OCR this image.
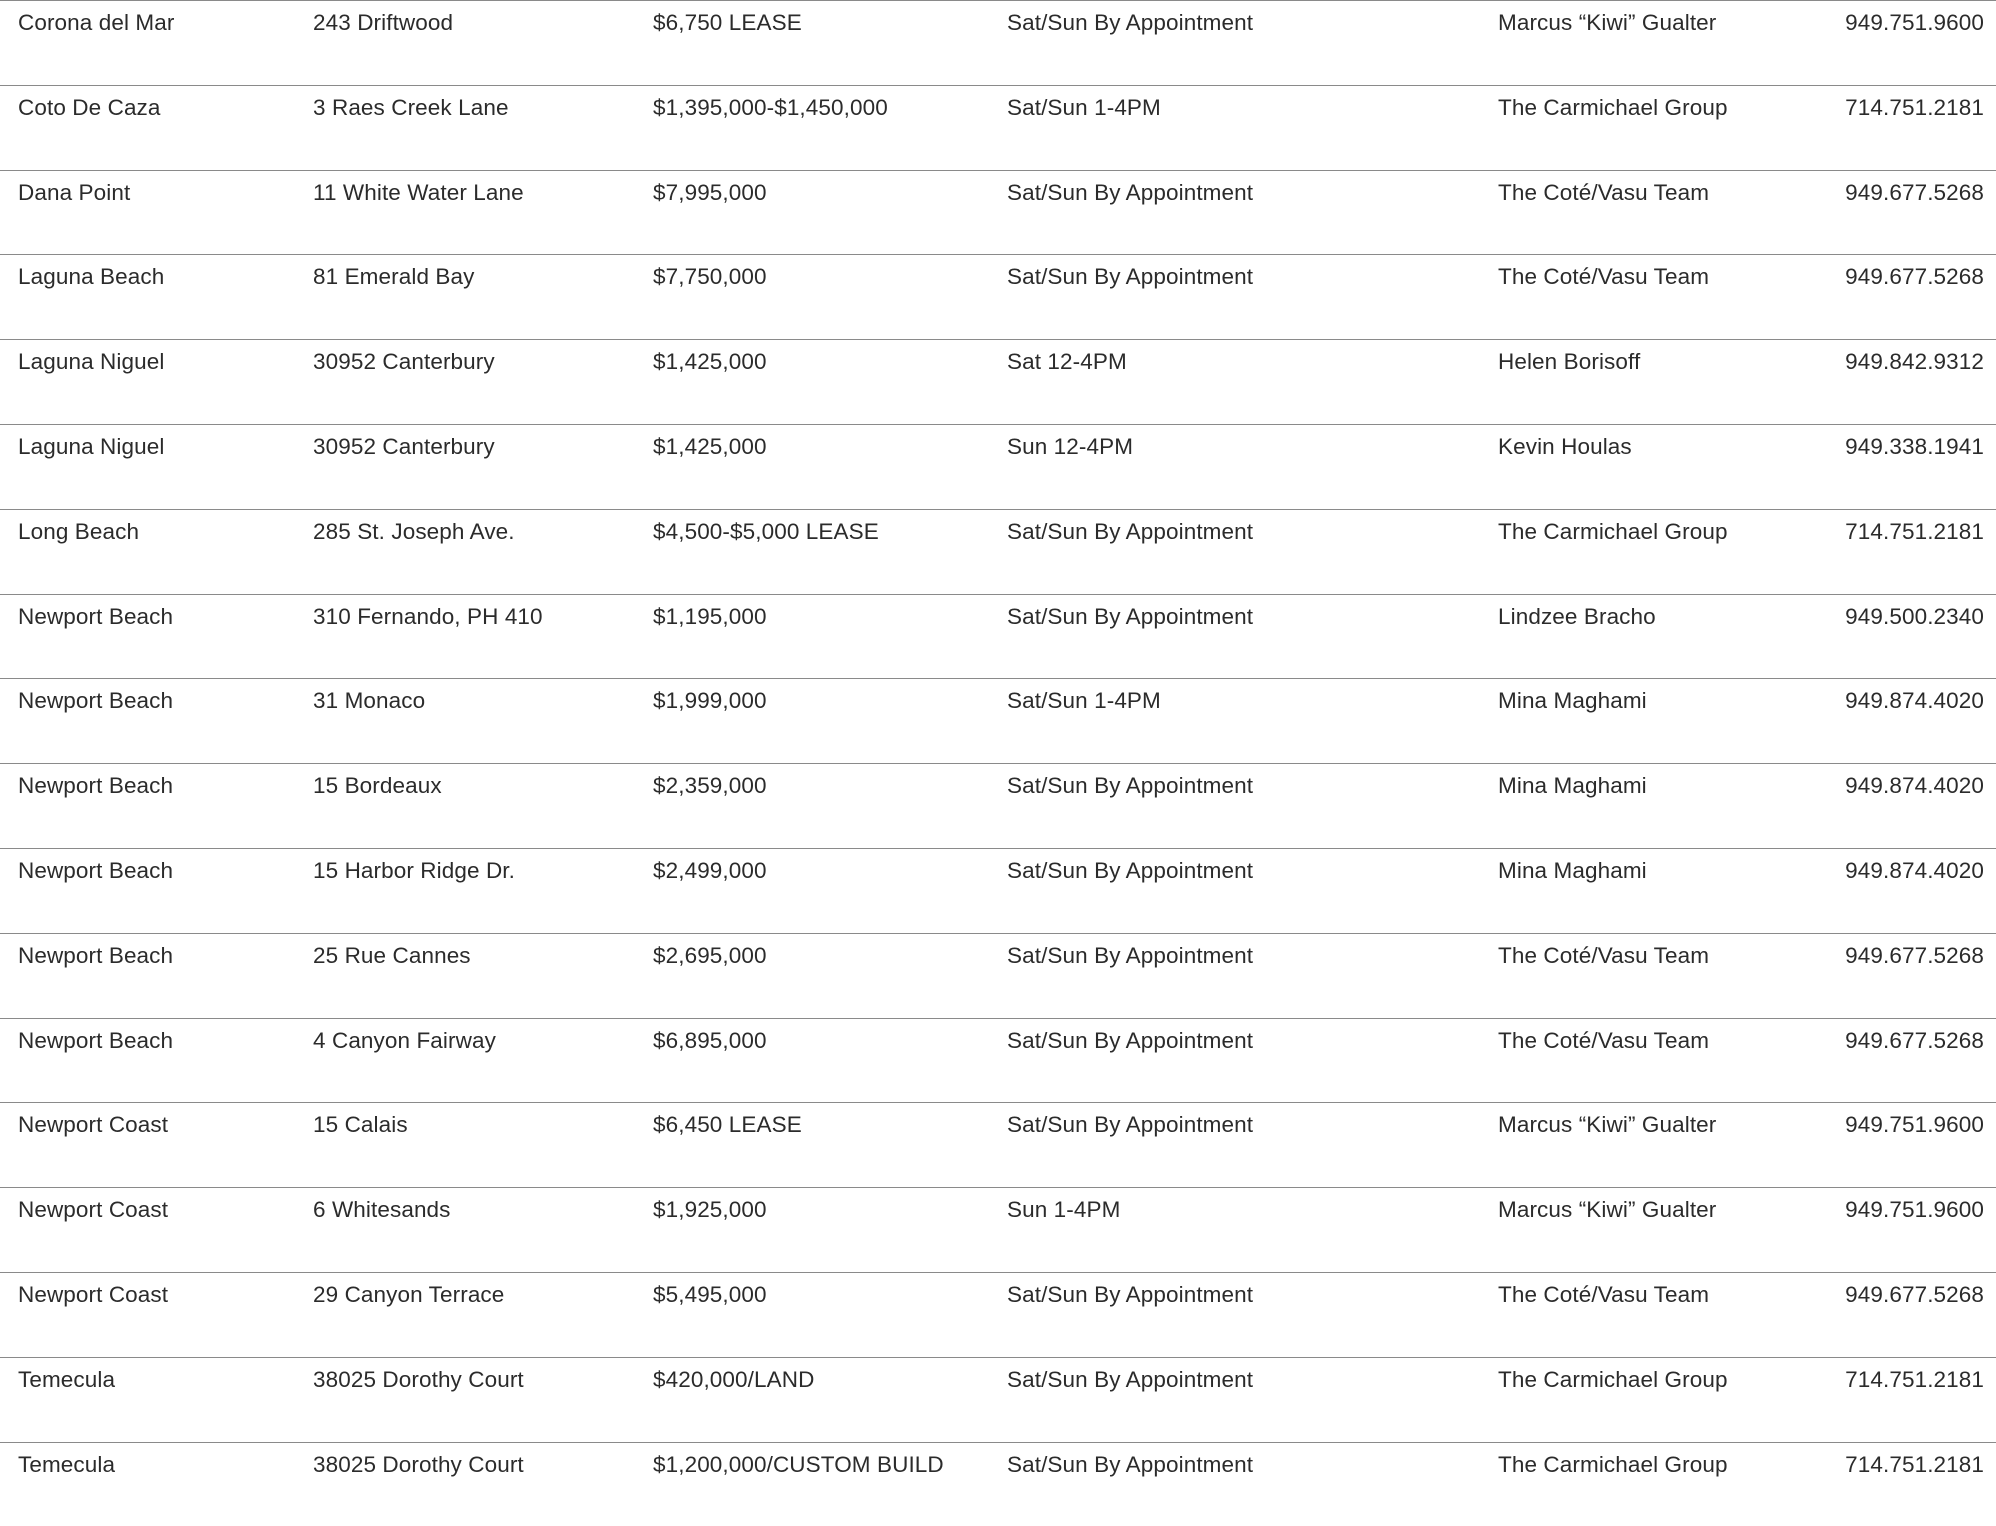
Corona del Mar	243 Driftwood	$6,750 LEASE	Sat/Sun By Appointment	Marcus “Kiwi” Gualter	949.751.9600
Coto De Caza	3 Raes Creek Lane	$1,395,000-$1,450,000	Sat/Sun 1-4PM	The Carmichael Group	714.751.2181
Dana Point	11 White Water Lane	$7,995,000	Sat/Sun By Appointment	The Coté/Vasu Team	949.677.5268
Laguna Beach	81 Emerald Bay	$7,750,000	Sat/Sun By Appointment	The Coté/Vasu Team	949.677.5268
Laguna Niguel	30952 Canterbury	$1,425,000	Sat 12-4PM	Helen Borisoff	949.842.9312
Laguna Niguel	30952 Canterbury	$1,425,000	Sun 12-4PM	Kevin Houlas	949.338.1941
Long Beach	285 St. Joseph Ave.	$4,500-$5,000 LEASE	Sat/Sun By Appointment	The Carmichael Group	714.751.2181
Newport Beach	310 Fernando, PH 410	$1,195,000	Sat/Sun By Appointment	Lindzee Bracho	949.500.2340
Newport Beach	31 Monaco	$1,999,000	Sat/Sun 1-4PM	Mina Maghami	949.874.4020
Newport Beach	15 Bordeaux	$2,359,000	Sat/Sun By Appointment	Mina Maghami	949.874.4020
Newport Beach	15 Harbor Ridge Dr.	$2,499,000	Sat/Sun By Appointment	Mina Maghami	949.874.4020
Newport Beach	25 Rue Cannes	$2,695,000	Sat/Sun By Appointment	The Coté/Vasu Team	949.677.5268
Newport Beach	4 Canyon Fairway	$6,895,000	Sat/Sun By Appointment	The Coté/Vasu Team	949.677.5268
Newport Coast	15 Calais	$6,450 LEASE	Sat/Sun By Appointment	Marcus “Kiwi” Gualter	949.751.9600
Newport Coast	6 Whitesands	$1,925,000	Sun 1-4PM	Marcus “Kiwi” Gualter	949.751.9600
Newport Coast	29 Canyon Terrace	$5,495,000	Sat/Sun By Appointment	The Coté/Vasu Team	949.677.5268
Temecula	38025 Dorothy Court	$420,000/LAND	Sat/Sun By Appointment	The Carmichael Group	714.751.2181
Temecula	38025 Dorothy Court	$1,200,000/CUSTOM BUILD	Sat/Sun By Appointment	The Carmichael Group	714.751.2181
